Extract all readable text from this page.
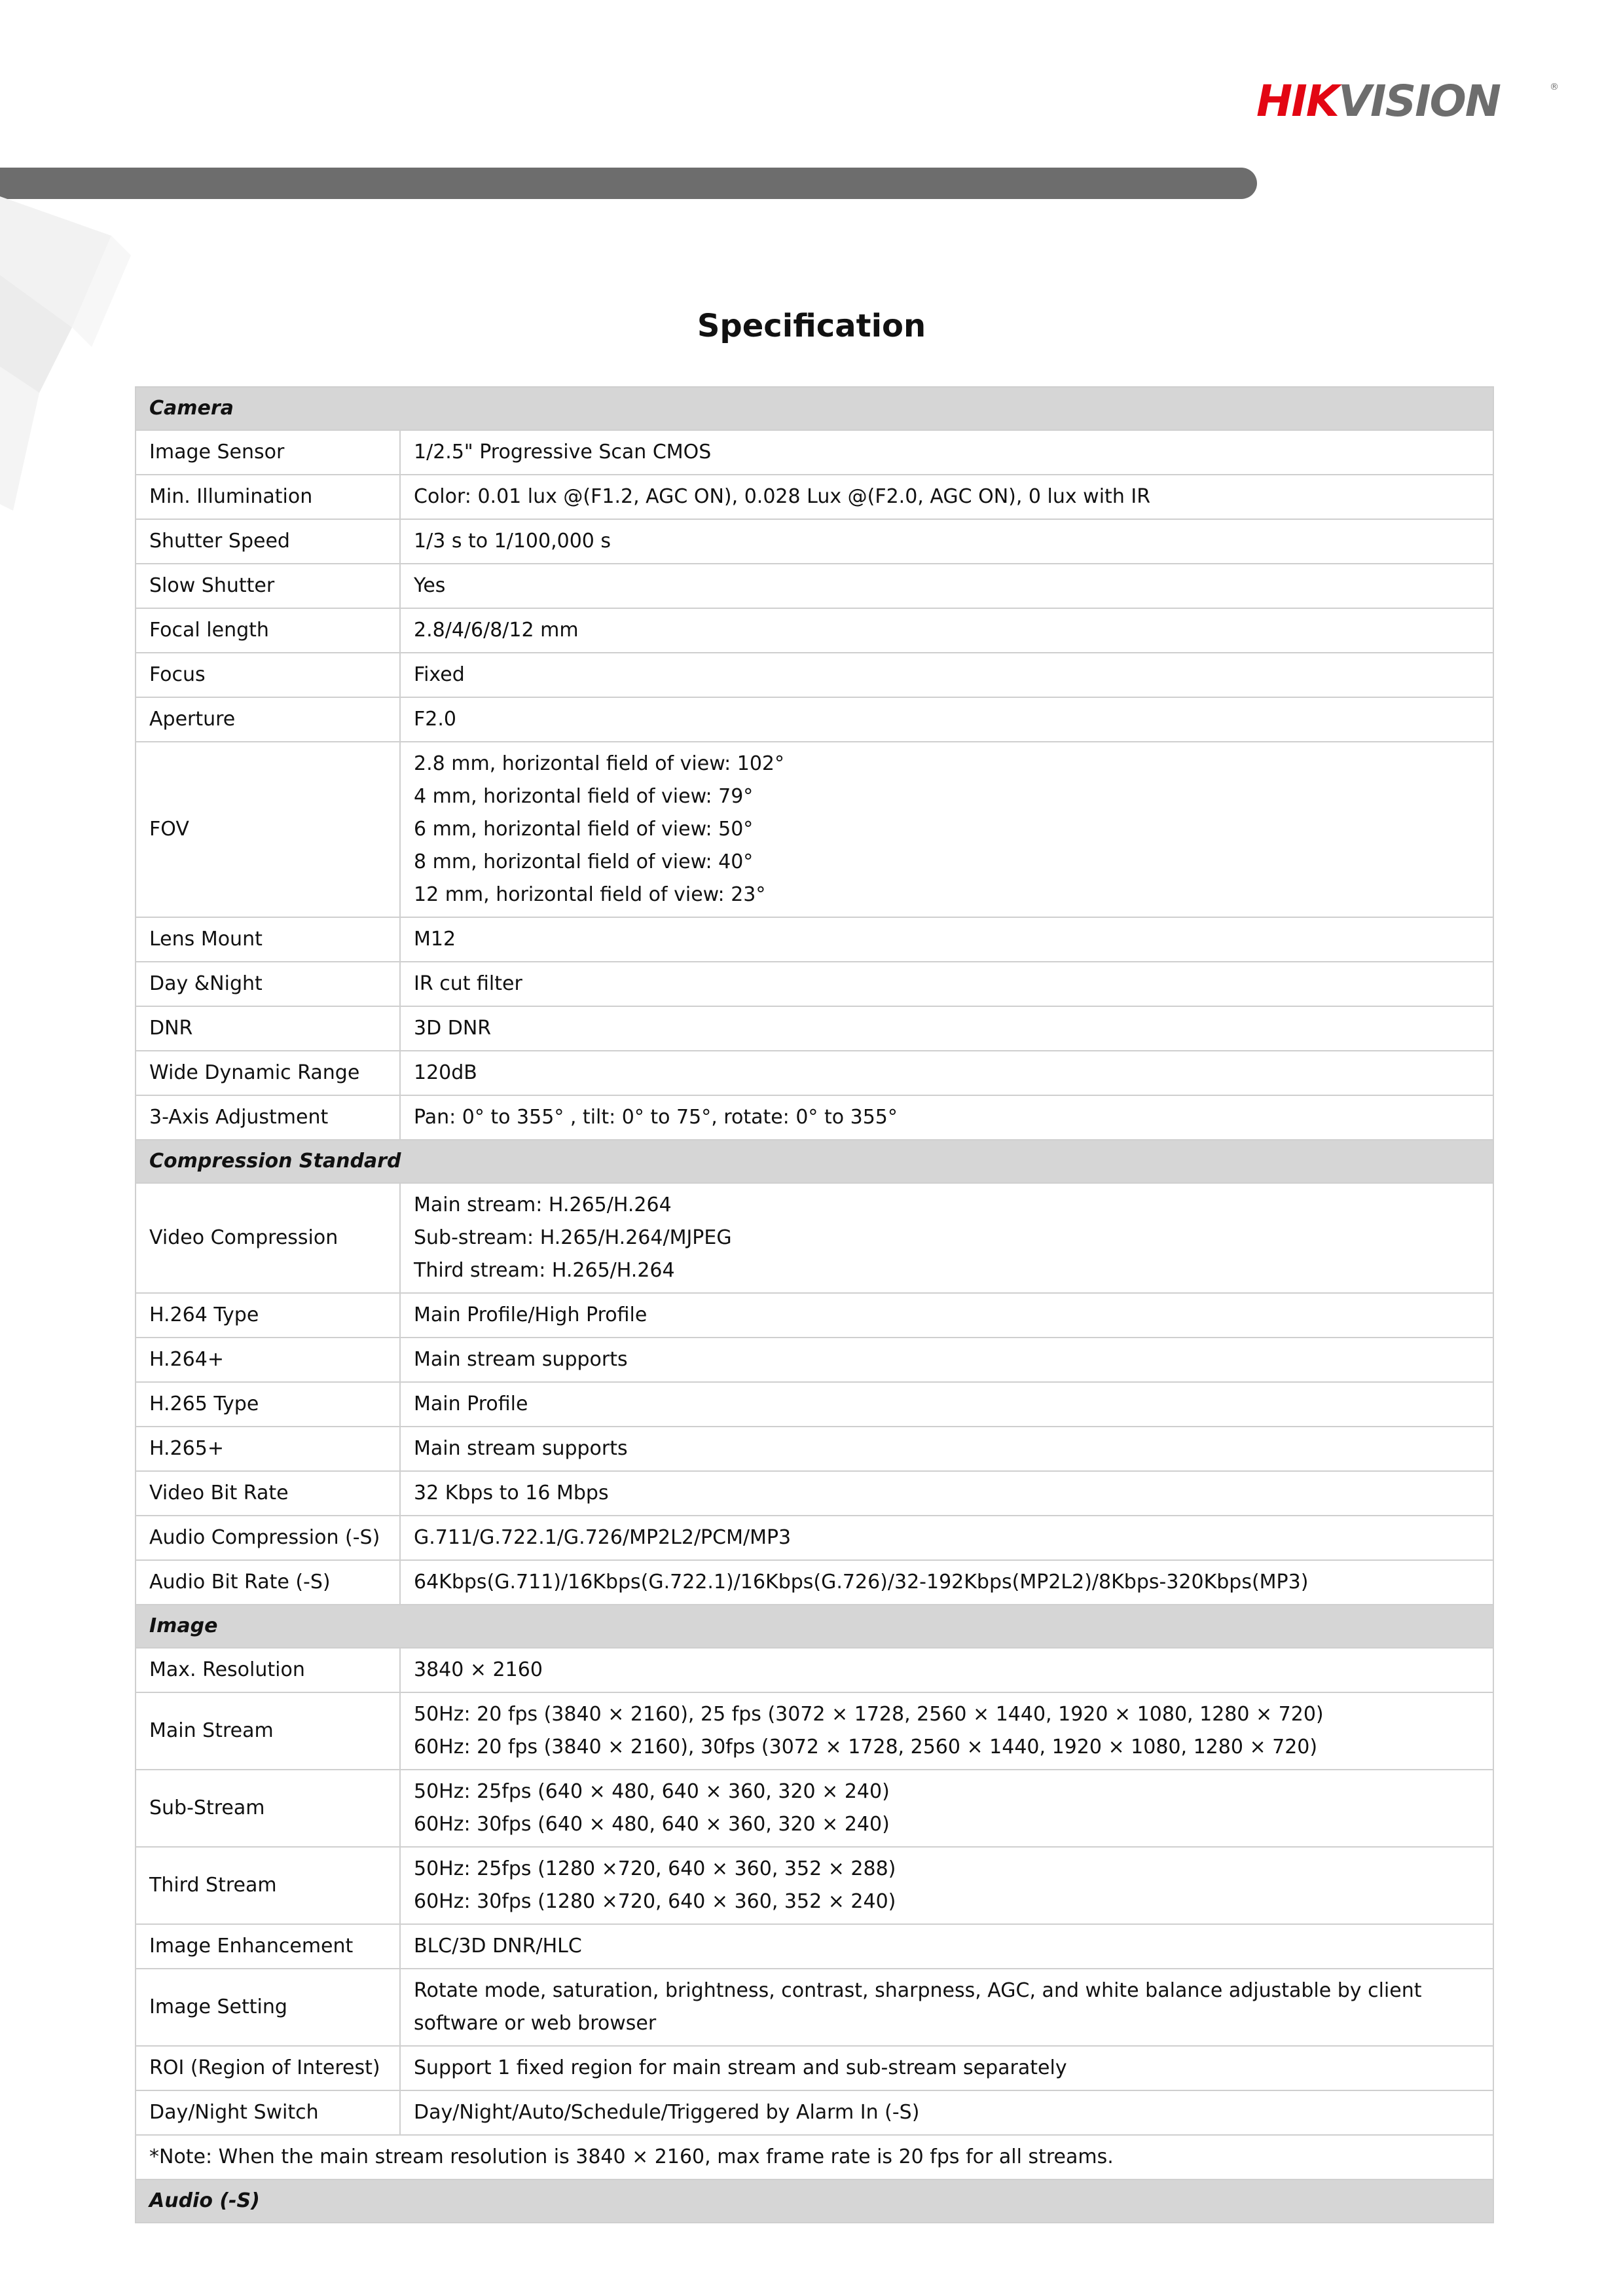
HIKVISION	®
Specification
Camera	
Image Sensor	1/2.5" Progressive Scan CMOS

Min. Illumination	Color: 0.01 lux @(F1.2, AGC ON), 0.028 Lux @(F2.0, AGC ON), 0 lux with IR

Shutter Speed	1/3 s to 1/100,000 s

Slow Shutter	Yes

Focal length	2.8/4/6/8/12 mm

Focus	Fixed

Aperture	F2.0

FOV	2.8 mm, horizontal field of view: 102°
4 mm, horizontal field of view: 79°
6 mm, horizontal field of view: 50°
8 mm, horizontal field of view: 40°
12 mm, horizontal field of view: 23°

Lens Mount	M12

Day &Night	IR cut filter

DNR	3D DNR

Wide Dynamic Range	120dB

3-Axis Adjustment	Pan: 0° to 355° , tilt: 0° to 75°, rotate: 0° to 355°

Compression Standard	
Video Compression	Main stream: H.265/H.264
Sub-stream: H.265/H.264/MJPEG
Third stream: H.265/H.264

H.264 Type	Main Profile/High Profile

H.264+	Main stream supports

H.265 Type	Main Profile

H.265+	Main stream supports

Video Bit Rate	32 Kbps to 16 Mbps

Audio Compression (-S)	G.711/G.722.1/G.726/MP2L2/PCM/MP3

Audio Bit Rate (-S)	64Kbps(G.711)/16Kbps(G.722.1)/16Kbps(G.726)/32-192Kbps(MP2L2)/8Kbps-320Kbps(MP3)

Image	
Max. Resolution	3840 × 2160

Main Stream	50Hz: 20 fps (3840 × 2160), 25 fps (3072 × 1728, 2560 × 1440, 1920 × 1080, 1280 × 720)
60Hz: 20 fps (3840 × 2160), 30fps (3072 × 1728, 2560 × 1440, 1920 × 1080, 1280 × 720)

Sub-Stream	50Hz: 25fps (640 × 480, 640 × 360, 320 × 240)
60Hz: 30fps (640 × 480, 640 × 360, 320 × 240)

Third Stream	50Hz: 25fps (1280 ×720, 640 × 360, 352 × 288)
60Hz: 30fps (1280 ×720, 640 × 360, 352 × 240)

Image Enhancement	BLC/3D DNR/HLC

Image Setting	Rotate mode, saturation, brightness, contrast, sharpness, AGC, and white balance adjustable by client
software or web browser

ROI (Region of Interest)	Support 1 fixed region for main stream and sub-stream separately

Day/Night Switch	Day/Night/Auto/Schedule/Triggered by Alarm In (-S)

*Note: When the main stream resolution is 3840 × 2160, max frame rate is 20 fps for all streams.	
Audio (-S)	
